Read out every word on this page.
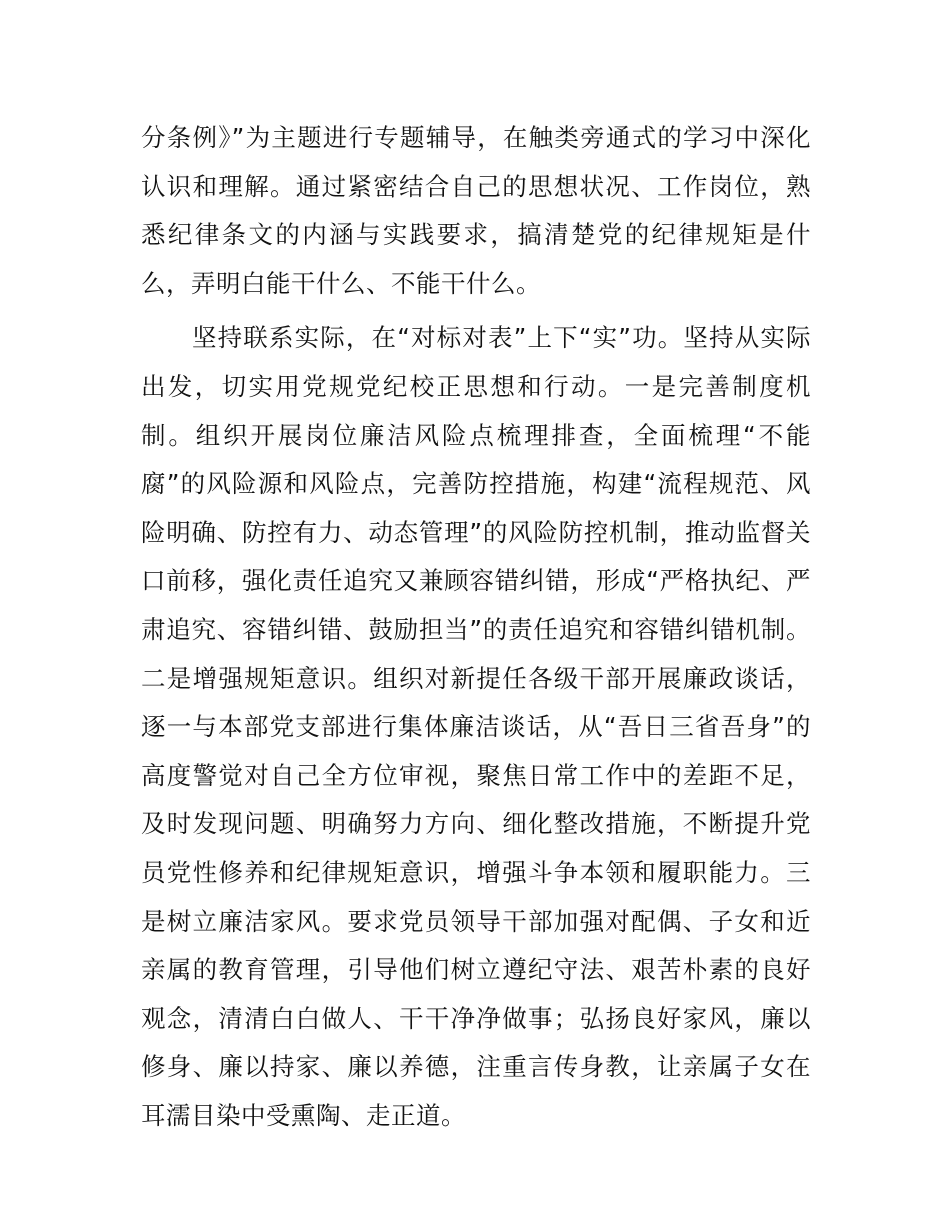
分条例》”为主题进行专题辅导，在触类旁通式的学习中深化认识和理解。通过紧密结合自己的思想状况、工作岗位，熟悉纪律条文的内涵与实践要求，搞清楚党的纪律规矩是什么，弄明白能干什么、不能干什么。

坚持联系实际，在“对标对表”上下“实”功。坚持从实际出发，切实用党规党纪校正思想和行动。一是完善制度机制。组织开展岗位廉洁风险点梳理排查，全面梳理“不能腐”的风险源和风险点，完善防控措施，构建“流程规范、风险明确、防控有力、动态管理”的风险防控机制，推动监督关口前移，强化责任追究又兼顾容错纠错，形成“严格执纪、严肃追究、容错纠错、鼓励担当”的责任追究和容错纠错机制。二是增强规矩意识。组织对新提任各级干部开展廉政谈话，逐一与本部党支部进行集体廉洁谈话，从“吾日三省吾身”的高度警觉对自己全方位审视，聚焦日常工作中的差距不足，及时发现问题、明确努力方向、细化整改措施，不断提升党员党性修养和纪律规矩意识，增强斗争本领和履职能力。三是树立廉洁家风。要求党员领导干部加强对配偶、子女和近亲属的教育管理，引导他们树立遵纪守法、艰苦朴素的良好观念，清清白白做人、干干净净做事；弘扬良好家风，廉以修身、廉以持家、廉以养德，注重言传身教，让亲属子女在耳濡目染中受熏陶、走正道。
